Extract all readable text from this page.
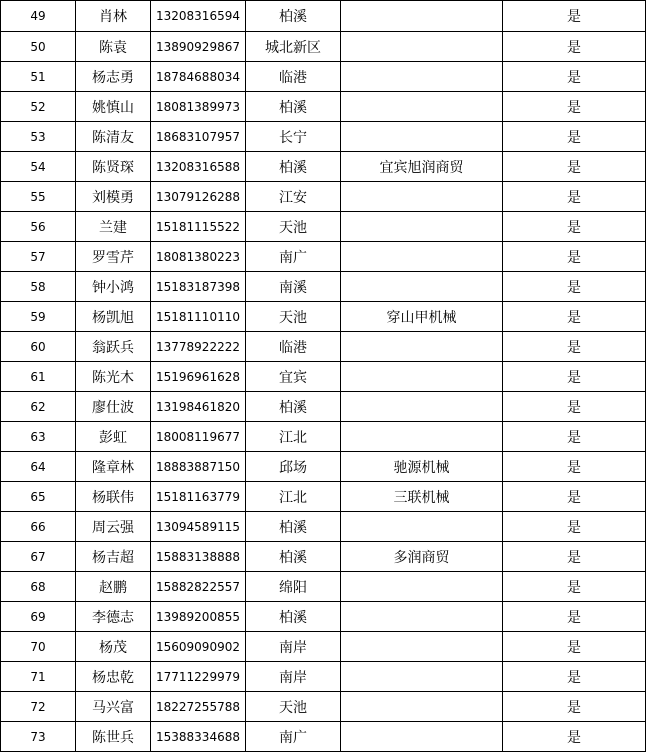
49	肖林	13208316594	柏溪		是
50	陈袁	13890929867	城北新区		是
51	杨志勇	18784688034	临港		是
52	姚慎山	18081389973	柏溪		是
53	陈清友	18683107957	长宁		是
54	陈贤琛	13208316588	柏溪	宜宾旭润商贸	是
55	刘模勇	13079126288	江安		是
56	兰建	15181115522	天池		是
57	罗雪芹	18081380223	南广		是
58	钟小鸿	15183187398	南溪		是
59	杨凯旭	15181110110	天池	穿山甲机械	是
60	翁跃兵	13778922222	临港		是
61	陈光木	15196961628	宜宾		是
62	廖仕波	13198461820	柏溪		是
63	彭虹	18008119677	江北		是
64	隆章林	18883887150	邱场	驰源机械	是
65	杨联伟	15181163779	江北	三联机械	是
66	周云强	13094589115	柏溪		是
67	杨吉超	15883138888	柏溪	多润商贸	是
68	赵鹏	15882822557	绵阳		是
69	李德志	13989200855	柏溪		是
70	杨茂	15609090902	南岸		是
71	杨忠乾	17711229979	南岸		是
72	马兴富	18227255788	天池		是
73	陈世兵	15388334688	南广		是
